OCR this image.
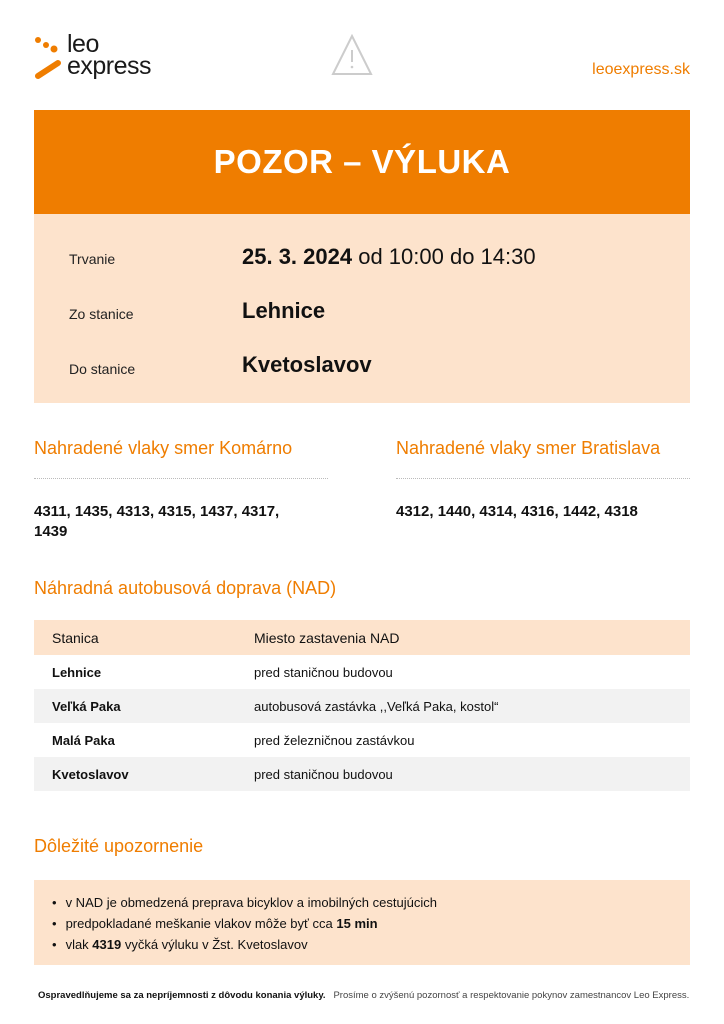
leo
express	leoexpress.sk
POZOR – VÝLUKA
Trvanie	25. 3. 2024 od 10:00 do 14:30
Zo stanice	Lehnice
Do stanice	Kvetoslavov
Nahradené vlaky smer Komárno
4311, 1435, 4313, 4315, 1437, 4317, 1439
Nahradené vlaky smer Bratislava
4312, 1440, 4314, 4316, 1442, 4318
Náhradná autobusová doprava (NAD)
Stanica	Miesto zastavenia NAD
Lehnice	pred staničnou budovou
Veľká Paka	autobusová zastávka ,,Veľká Paka, kostol“
Malá Paka	pred železničnou zastávkou
Kvetoslavov	pred staničnou budovou
Dôležité upozornenie
• v NAD je obmedzená preprava bicyklov a imobilných cestujúcich
• predpokladané meškanie vlakov môže byť cca 15 min
• vlak 4319 vyčká výluku v Žst. Kvetoslavov
Ospravedlňujeme sa za nepríjemnosti z dôvodu konania výluky. Prosíme o zvýšenú pozornosť a respektovanie pokynov zamestnancov Leo Express.
